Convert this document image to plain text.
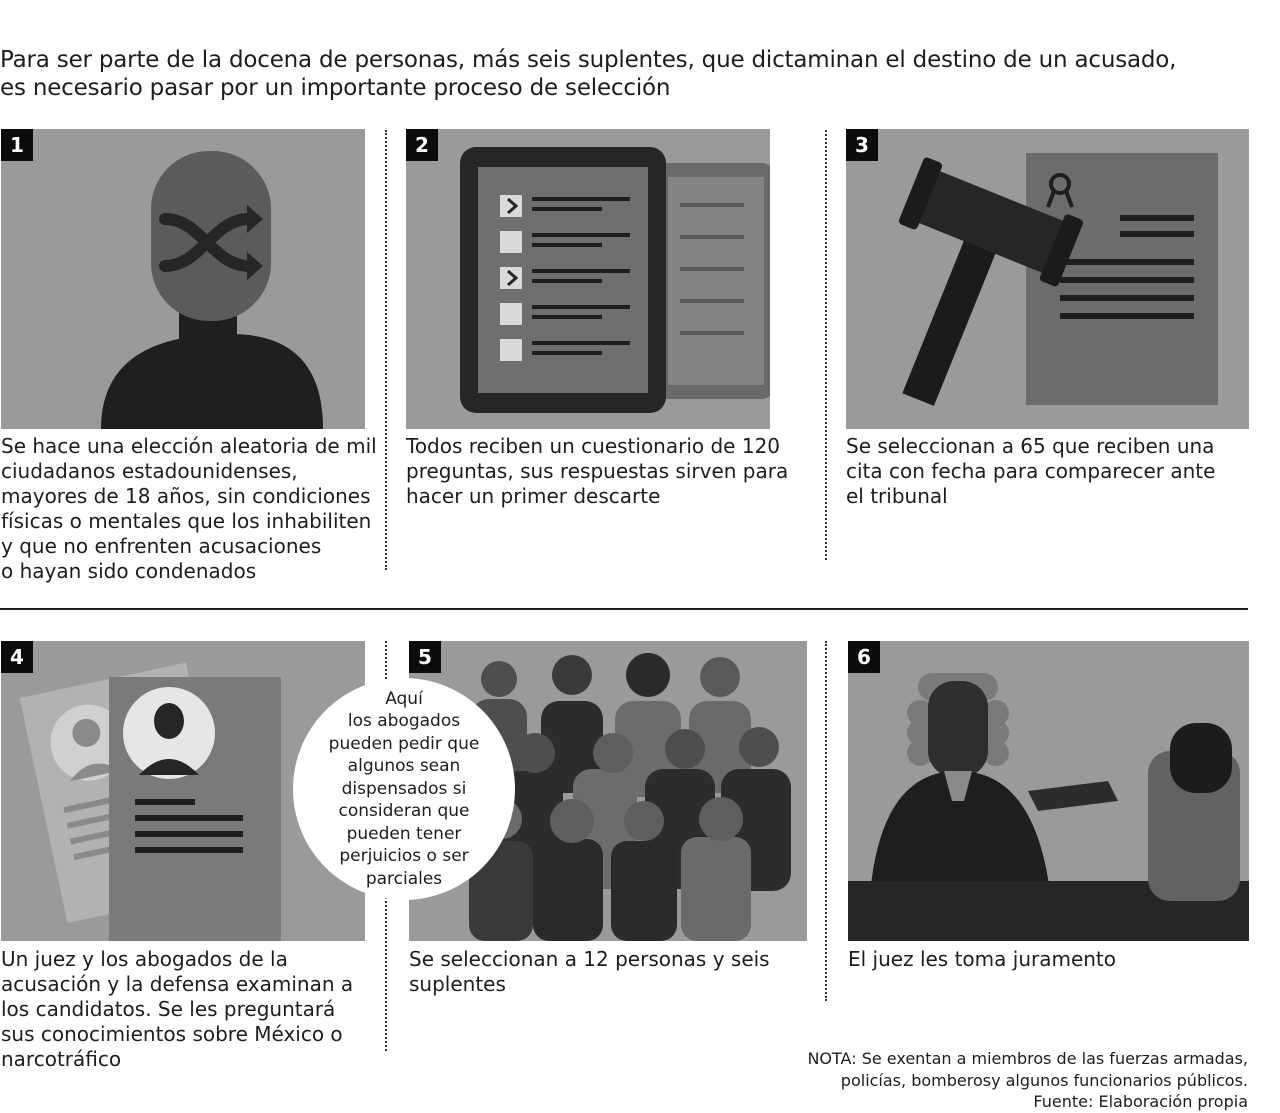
Para ser parte de la docena de personas, más seis suplentes, que dictaminan el destino de un acusado,
es necesario pasar por un importante proceso de selección
1	2	3
4	5	6
Se hace una elección aleatoria de mil
ciudadanos estadounidenses,
mayores de 18 años, sin condiciones
físicas o mentales que los inhabiliten
y que no enfrenten acusaciones
o hayan sido condenados
Todos reciben un cuestionario de 120
preguntas, sus respuestas sirven para
hacer un primer descarte
Se seleccionan a 65 que reciben una
cita con fecha para comparecer ante
el tribunal
Un juez y los abogados de la
acusación y la defensa examinan a
los candidatos. Se les preguntará
sus conocimientos sobre México o
narcotráfico
Se seleccionan a 12 personas y seis
suplentes
El juez les toma juramento
Aquí
los abogados
pueden pedir que
algunos sean
dispensados si
consideran que
pueden tener
perjuicios o ser
parciales
NOTA: Se exentan a miembros de las fuerzas armadas,
policías, bomberosy algunos funcionarios públicos.
Fuente: Elaboración propia
